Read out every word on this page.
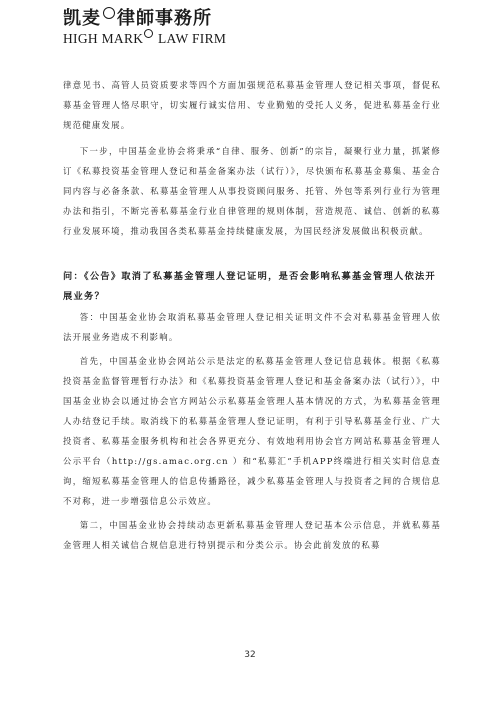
凯麦 律師事務所
HIGH MARK LAW FIRM

律意见书、高管人员资质要求等四个方面加强规范私募基金管理人登记相关事项，督促私募基金管理人恪尽职守，切实履行诚实信用、专业勤勉的受托人义务，促进私募基金行业规范健康发展。

下一步，中国基金业协会将秉承“自律、服务、创新”的宗旨，凝聚行业力量，抓紧修订《私募投资基金管理人登记和基金备案办法（试行）》，尽快颁布私募基金募集、基金合同内容与必备条款、私募基金管理人从事投资顾问服务、托管、外包等系列行业行为管理办法和指引，不断完善私募基金行业自律管理的规则体制，营造规范、诚信、创新的私募行业发展环境，推动我国各类私募基金持续健康发展，为国民经济发展做出积极贡献。

问：《公告》取消了私募基金管理人登记证明，是否会影响私募基金管理人依法开展业务？

答：中国基金业协会取消私募基金管理人登记相关证明文件不会对私募基金管理人依法开展业务造成不利影响。

首先，中国基金业协会网站公示是法定的私募基金管理人登记信息载体。根据《私募投资基金监督管理暂行办法》和《私募投资基金管理人登记和基金备案办法（试行）》，中国基金业协会以通过协会官方网站公示私募基金管理人基本情况的方式，为私募基金管理人办结登记手续。取消线下的私募基金管理人登记证明，有利于引导私募基金行业、广大投资者、私募基金服务机构和社会各界更充分、有效地利用协会官方网站私募基金管理人公示平台（http://gs.amac.org.cn ）和“私募汇”手机APP终端进行相关实时信息查询，缩短私募基金管理人的信息传播路径，减少私募基金管理人与投资者之间的合规信息不对称，进一步增强信息公示效应。

第二，中国基金业协会持续动态更新私募基金管理人登记基本公示信息，并就私募基金管理人相关诚信合规信息进行特别提示和分类公示。协会此前发放的私募

32
